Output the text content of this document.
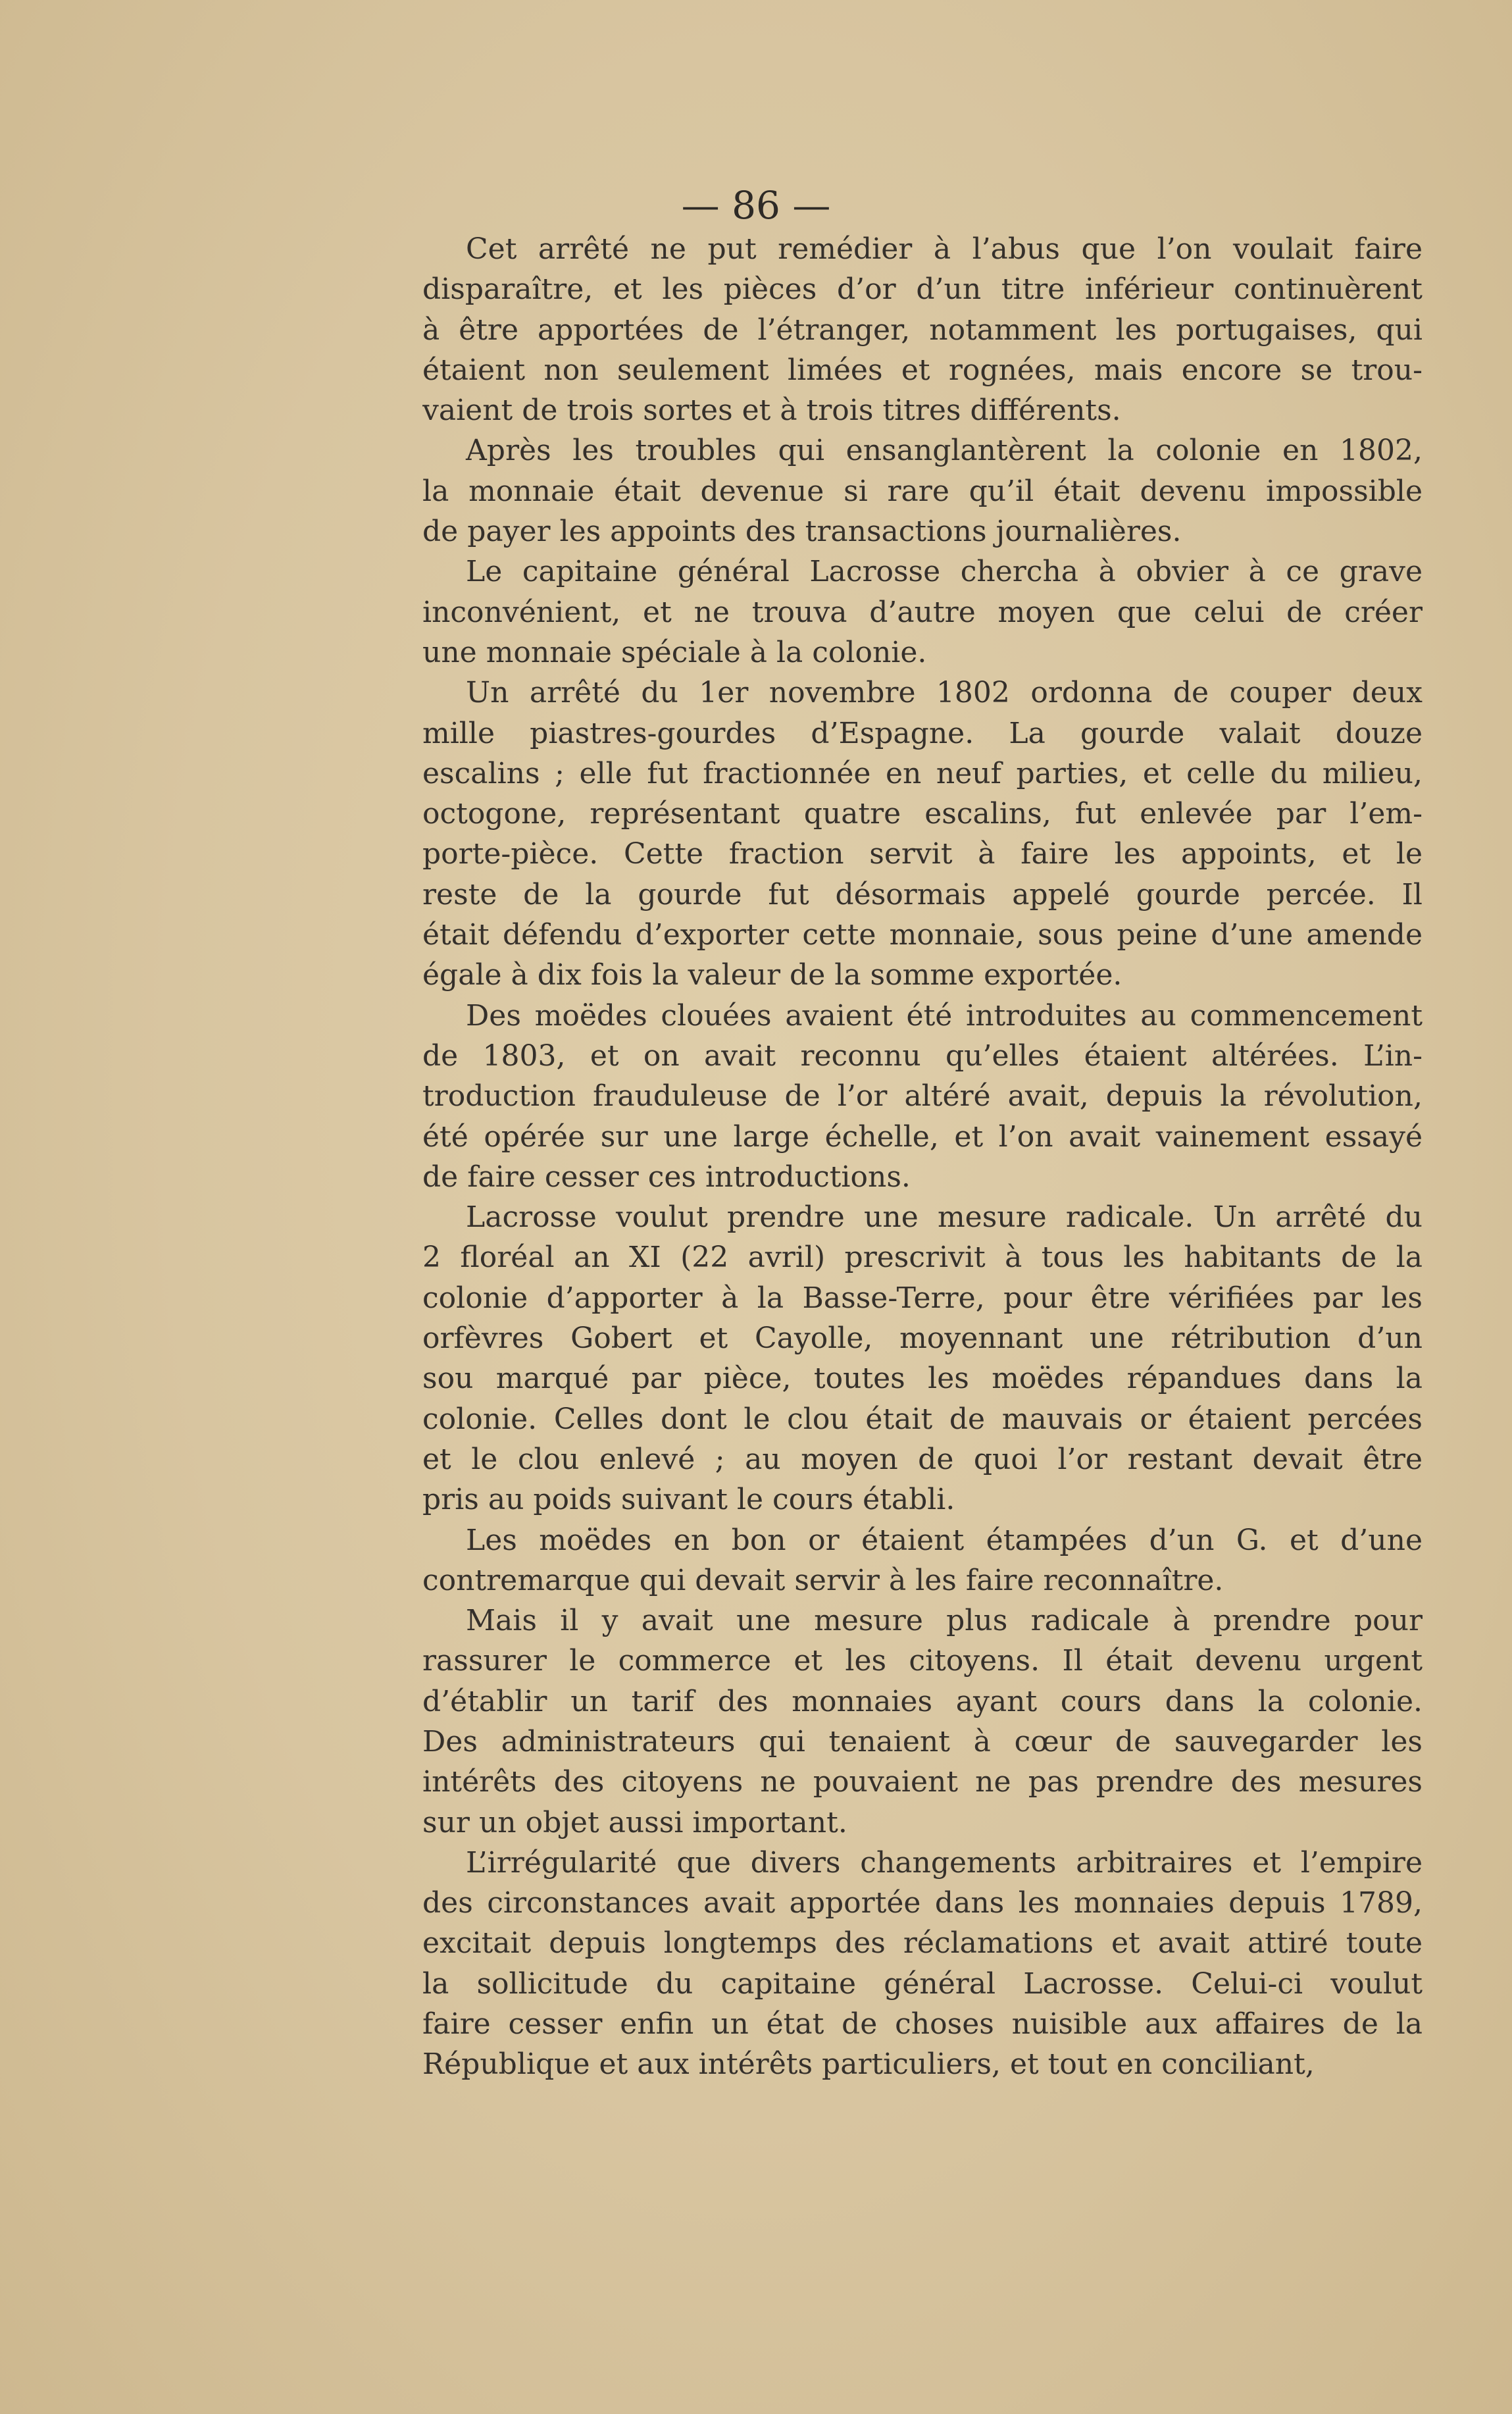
— 86 —
Cet arrêté ne put remédier à l’abus que l’on voulait faire
disparaître, et les pièces d’or d’un titre inférieur continuèrent
à être apportées de l’étranger, notamment les portugaises, qui
étaient non seulement limées et rognées, mais encore se trou-
vaient de trois sortes et à trois titres différents.
Après les troubles qui ensanglantèrent la colonie en 1802,
la monnaie était devenue si rare qu’il était devenu impossible
de payer les appoints des transactions journalières.
Le capitaine général Lacrosse chercha à obvier à ce grave
inconvénient, et ne trouva d’autre moyen que celui de créer
une monnaie spéciale à la colonie.
Un arrêté du 1er novembre 1802 ordonna de couper deux
mille piastres-gourdes d’Espagne. La gourde valait douze
escalins ; elle fut fractionnée en neuf parties, et celle du milieu,
octogone, représentant quatre escalins, fut enlevée par l’em-
porte-pièce. Cette fraction servit à faire les appoints, et le
reste de la gourde fut désormais appelé gourde percée. Il
était défendu d’exporter cette monnaie, sous peine d’une amende
égale à dix fois la valeur de la somme exportée.
Des moëdes clouées avaient été introduites au commencement
de 1803, et on avait reconnu qu’elles étaient altérées. L’in-
troduction frauduleuse de l’or altéré avait, depuis la révolution,
été opérée sur une large échelle, et l’on avait vainement essayé
de faire cesser ces introductions.
Lacrosse voulut prendre une mesure radicale. Un arrêté du
2 floréal an XI (22 avril) prescrivit à tous les habitants de la
colonie d’apporter à la Basse-Terre, pour être vérifiées par les
orfèvres Gobert et Cayolle, moyennant une rétribution d’un
sou marqué par pièce, toutes les moëdes répandues dans la
colonie. Celles dont le clou était de mauvais or étaient percées
et le clou enlevé ; au moyen de quoi l’or restant devait être
pris au poids suivant le cours établi.
Les moëdes en bon or étaient étampées d’un G. et d’une
contremarque qui devait servir à les faire reconnaître.
Mais il y avait une mesure plus radicale à prendre pour
rassurer le commerce et les citoyens. Il était devenu urgent
d’établir un tarif des monnaies ayant cours dans la colonie.
Des administrateurs qui tenaient à cœur de sauvegarder les
intérêts des citoyens ne pouvaient ne pas prendre des mesures
sur un objet aussi important.
L’irrégularité que divers changements arbitraires et l’empire
des circonstances avait apportée dans les monnaies depuis 1789,
excitait depuis longtemps des réclamations et avait attiré toute
la sollicitude du capitaine général Lacrosse. Celui-ci voulut
faire cesser enfin un état de choses nuisible aux affaires de la
République et aux intérêts particuliers, et tout en conciliant,
